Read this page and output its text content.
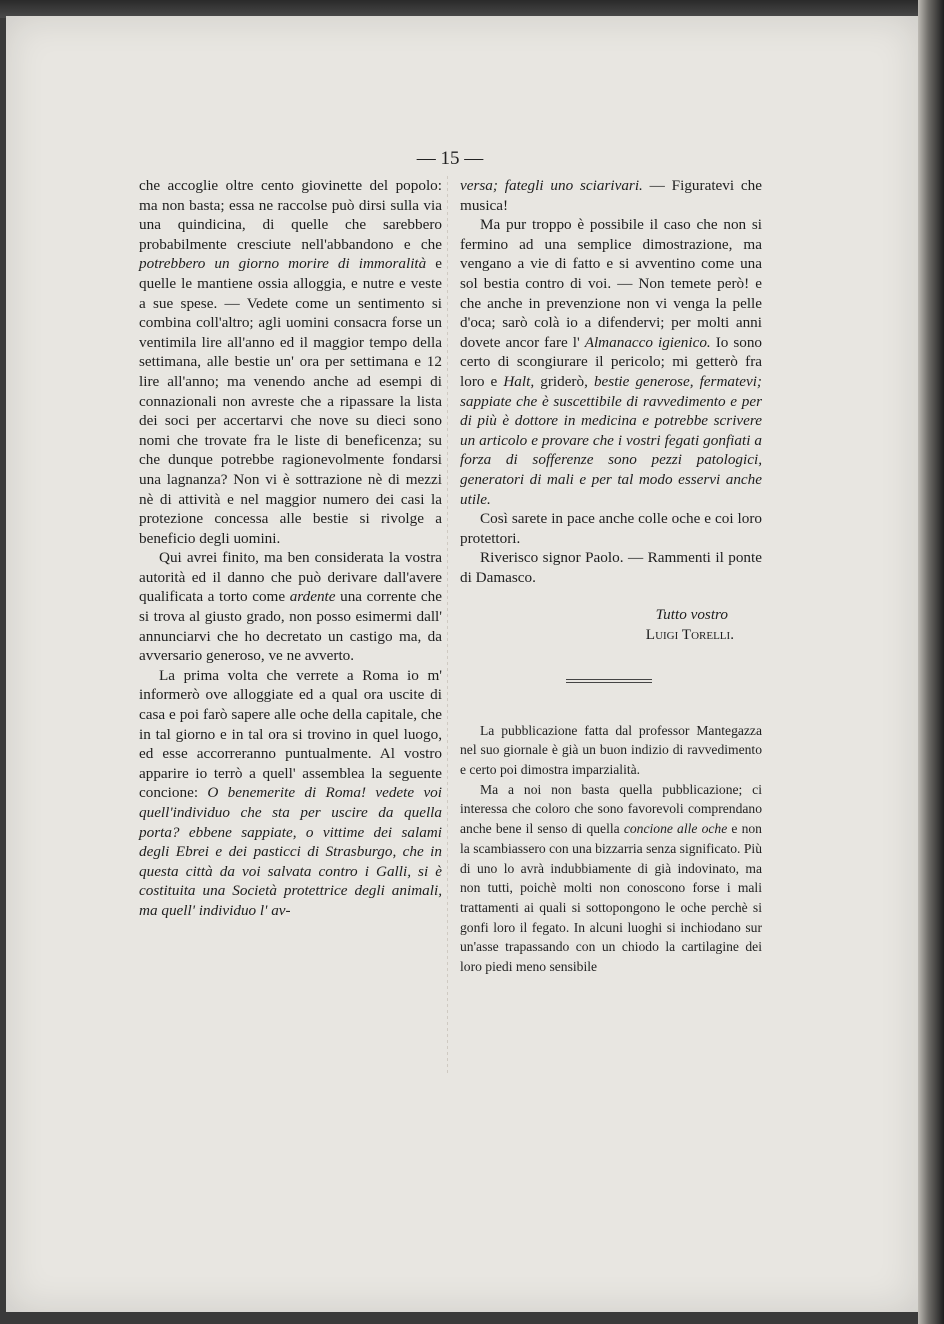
— 15 —

che accoglie oltre cento giovinette del popolo: ma non basta; essa ne raccolse può dirsi sulla via una quindicina, di quelle che sarebbero probabilmente cresciute nell'abbandono e che potrebbero un giorno morire di immoralità e quelle le mantiene ossia alloggia, e nutre e veste a sue spese. — Vedete come un sentimento si combina coll'altro; agli uomini consacra forse un ventimila lire all'anno ed il maggior tempo della settimana, alle bestie un' ora per settimana e 12 lire all'anno; ma venendo anche ad esempi di connazionali non avreste che a ripassare la lista dei soci per accertarvi che nove su dieci sono nomi che trovate fra le liste di beneficenza; su che dunque potrebbe ragionevolmente fondarsi una lagnanza? Non vi è sottrazione nè di mezzi nè di attività e nel maggior numero dei casi la protezione concessa alle bestie si rivolge a beneficio degli uomini.

Qui avrei finito, ma ben considerata la vostra autorità ed il danno che può derivare dall'avere qualificata a torto come ardente una corrente che si trova al giusto grado, non posso esimermi dall' annunciarvi che ho decretato un castigo ma, da avversario generoso, ve ne avverto.

La prima volta che verrete a Roma io m' informerò ove alloggiate ed a qual ora uscite di casa e poi farò sapere alle oche della capitale, che in tal giorno e in tal ora si trovino in quel luogo, ed esse accorreranno puntualmente. Al vostro apparire io terrò a quell' assemblea la seguente concione: O benemerite di Roma! vedete voi quell'individuo che sta per uscire da quella porta? ebbene sappiate, o vittime dei salami degli Ebrei e dei pasticci di Strasburgo, che in questa città da voi salvata contro i Galli, si è costituita una Società protettrice degli animali, ma quell' individuo l' av-

versa; fategli uno sciarivari. — Figuratevi che musica!

Ma pur troppo è possibile il caso che non si fermino ad una semplice dimostrazione, ma vengano a vie di fatto e si avventino come una sol bestia contro di voi. — Non temete però! e che anche in prevenzione non vi venga la pelle d'oca; sarò colà io a difendervi; per molti anni dovete ancor fare l' Almanacco igienico. Io sono certo di scongiurare il pericolo; mi getterò fra loro e Halt, griderò, bestie generose, fermatevi; sappiate che è suscettibile di ravvedimento e per di più è dottore in medicina e potrebbe scrivere un articolo e provare che i vostri fegati gonfiati a forza di sofferenze sono pezzi patologici, generatori di mali e per tal modo esservi anche utile.

Così sarete in pace anche colle oche e coi loro protettori.

Riverisco signor Paolo. — Rammenti il ponte di Damasco.

Tutto vostro

Luigi Torelli.

La pubblicazione fatta dal professor Mantegazza nel suo giornale è già un buon indizio di ravvedimento e certo poi dimostra imparzialità.

Ma a noi non basta quella pubblicazione; ci interessa che coloro che sono favorevoli comprendano anche bene il senso di quella concione alle oche e non la scambiassero con una bizzarria senza significato. Più di uno lo avrà indubbiamente di già indovinato, ma non tutti, poichè molti non conoscono forse i mali trattamenti ai quali si sottopongono le oche perchè si gonfi loro il fegato. In alcuni luoghi si inchiodano sur un'asse trapassando con un chiodo la cartilagine dei loro piedi meno sensibile
